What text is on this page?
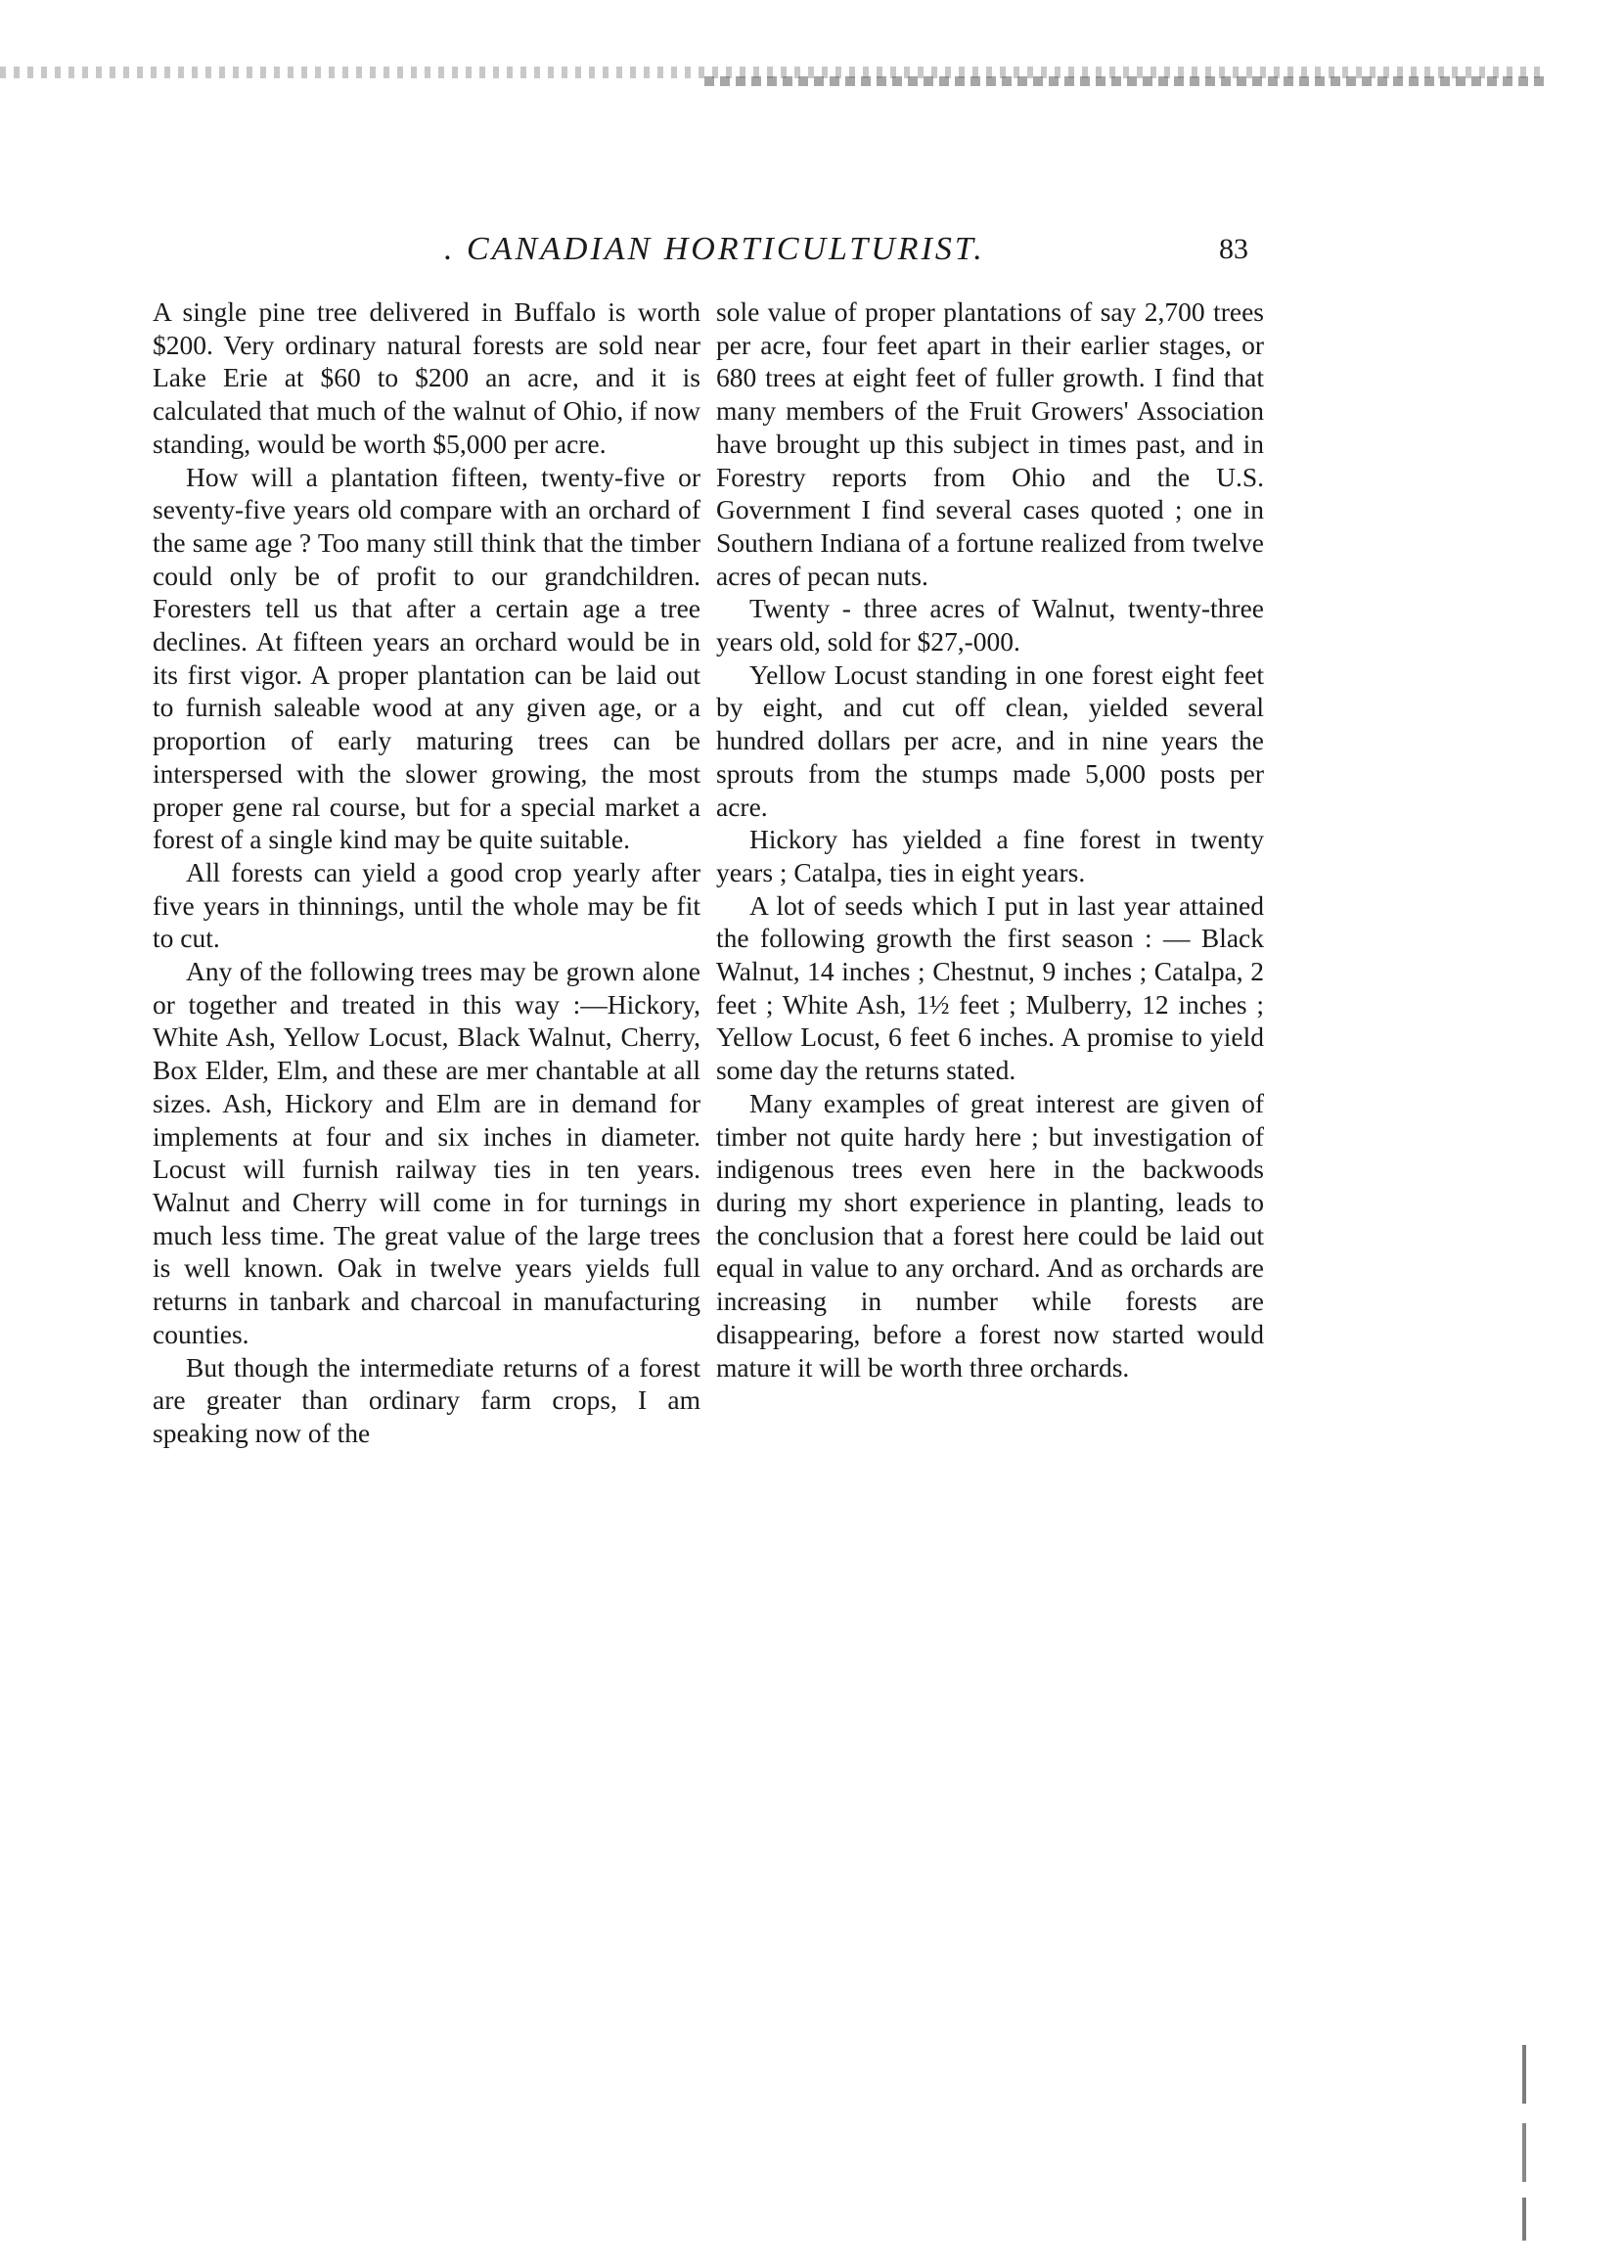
. CANADIAN HORTICULTURIST.	83

A single pine tree delivered in Buffalo is worth $200. Very ordinary natural forests are sold near Lake Erie at $60 to $200 an acre, and it is calculated that much of the walnut of Ohio, if now standing, would be worth $5,000 per acre.

How will a plantation fifteen, twenty-five or seventy-five years old compare with an orchard of the same age ? Too many still think that the timber could only be of profit to our grandchildren. Foresters tell us that after a certain age a tree declines. At fifteen years an orchard would be in its first vigor. A proper plantation can be laid out to furnish saleable wood at any given age, or a proportion of early maturing trees can be interspersed with the slower growing, the most proper gene ral course, but for a special market a forest of a single kind may be quite suitable.

All forests can yield a good crop yearly after five years in thinnings, until the whole may be fit to cut.

Any of the following trees may be grown alone or together and treated in this way :—Hickory, White Ash, Yellow Locust, Black Walnut, Cherry, Box Elder, Elm, and these are mer chantable at all sizes. Ash, Hickory and Elm are in demand for implements at four and six inches in diameter. Locust will furnish railway ties in ten years. Walnut and Cherry will come in for turnings in much less time. The great value of the large trees is well known. Oak in twelve years yields full returns in tanbark and charcoal in manufacturing counties.

But though the intermediate returns of a forest are greater than ordinary farm crops, I am speaking now of the

sole value of proper plantations of say 2,700 trees per acre, four feet apart in their earlier stages, or 680 trees at eight feet of fuller growth. I find that many members of the Fruit Growers' Association have brought up this subject in times past, and in Forestry reports from Ohio and the U.S. Government I find several cases quoted ; one in Southern Indiana of a fortune realized from twelve acres of pecan nuts.

Twenty - three acres of Walnut, twenty-three years old, sold for $27,-000.

Yellow Locust standing in one forest eight feet by eight, and cut off clean, yielded several hundred dollars per acre, and in nine years the sprouts from the stumps made 5,000 posts per acre.

Hickory has yielded a fine forest in twenty years ; Catalpa, ties in eight years.

A lot of seeds which I put in last year attained the following growth the first season : — Black Walnut, 14 inches ; Chestnut, 9 inches ; Catalpa, 2 feet ; White Ash, 1½ feet ; Mulberry, 12 inches ; Yellow Locust, 6 feet 6 inches. A promise to yield some day the returns stated.

Many examples of great interest are given of timber not quite hardy here ; but investigation of indigenous trees even here in the backwoods during my short experience in planting, leads to the conclusion that a forest here could be laid out equal in value to any orchard. And as orchards are increasing in number while forests are disappearing, before a forest now started would mature it will be worth three orchards.
